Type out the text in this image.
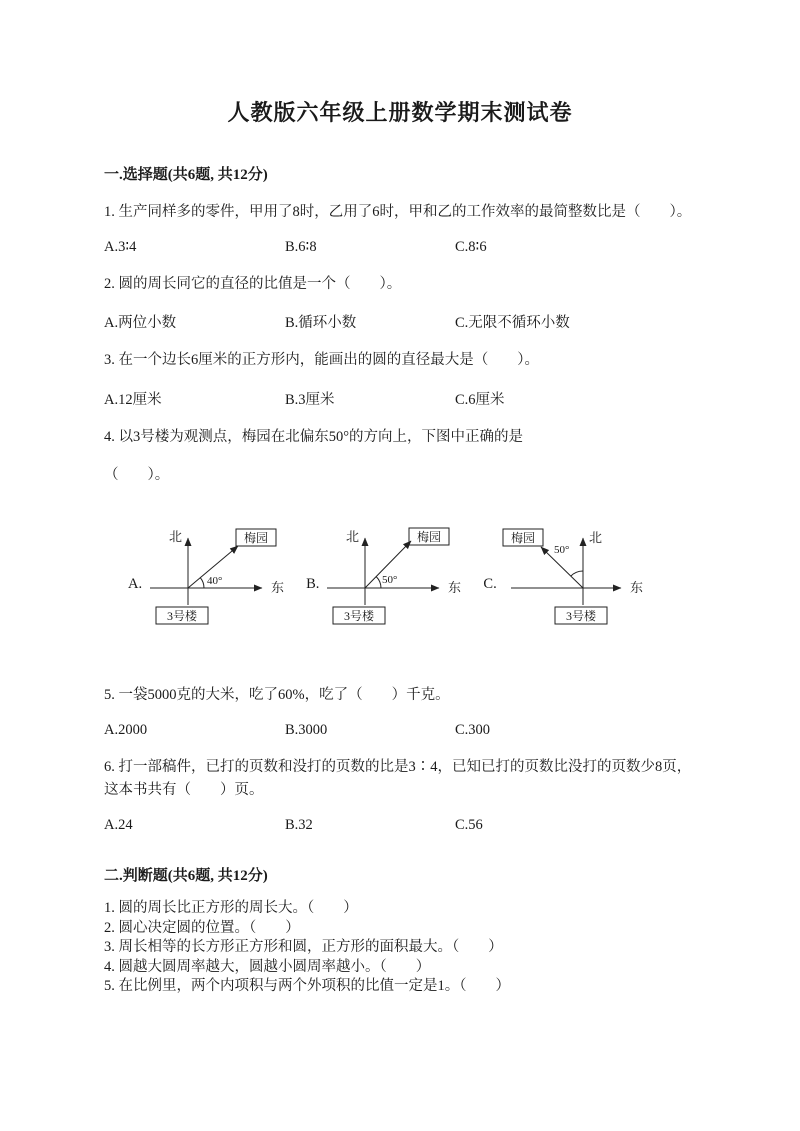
人教版六年级上册数学期末测试卷
一.选择题(共6题, 共12分)

1. 生产同样多的零件，甲用了8时，乙用了6时，甲和乙的工作效率的最简整数比是（　　）。

A.3∶4	B.6∶8	C.8∶6

2. 圆的周长同它的直径的比值是一个（　　）。

A.两位小数	B.循环小数	C.无限不循环小数

3. 在一个边长6厘米的正方形内，能画出的圆的直径最大是（　　）。

A.12厘米	B.3厘米	C.6厘米

4. 以3号楼为观测点，梅园在北偏东50°的方向上，下图中正确的是

（　　）。

A.	40°
北
东
梅园
3号楼
B.	50°
北
东
梅园
3号楼
C.
50°
北
东
梅园
3号楼

5. 一袋5000克的大米，吃了60%，吃了（　　）千克。

A.2000	B.3000	C.300

6. 打一部稿件，已打的页数和没打的页数的比是3∶4，已知已打的页数比没打的页数少8页，这本书共有（　　）页。

A.24	B.32	C.56
二.判断题(共6题, 共12分)

1. 圆的周长比正方形的周长大。（　　）

2. 圆心决定圆的位置。（　　）

3. 周长相等的长方形正方形和圆，正方形的面积最大。（　　）

4. 圆越大圆周率越大，圆越小圆周率越小。（　　）

5. 在比例里，两个内项积与两个外项积的比值一定是1。（　　）
